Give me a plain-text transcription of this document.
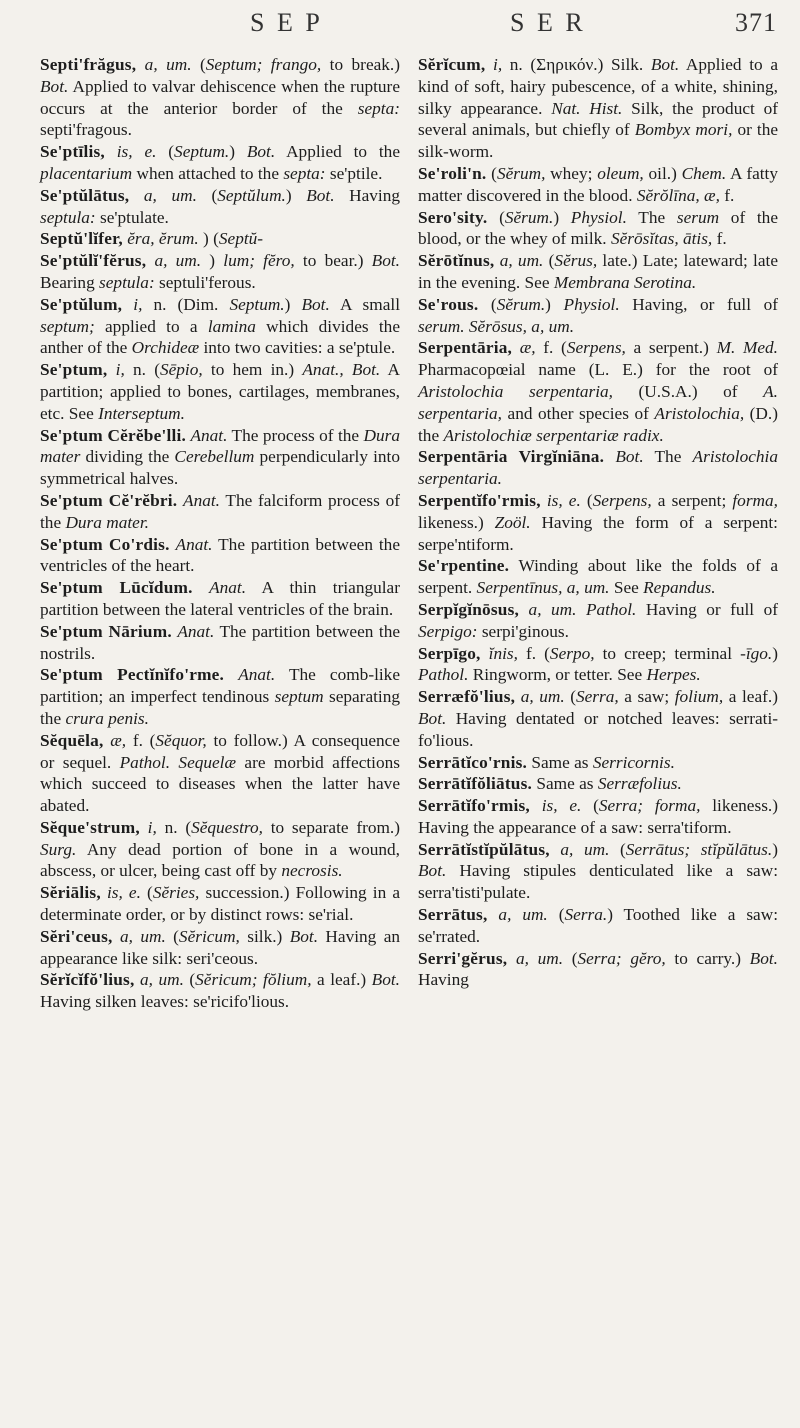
S E P	S E R	371

Septi'frăgus, a, um. (Septum; frango, to break.) Bot. Applied to valvar dehiscence when the rupture occurs at the anterior border of the septa: septi'fragous.

Se'ptīlis, is, e. (Septum.) Bot. Applied to the placentarium when attached to the septa: se'ptile.

Se'ptŭlātus, a, um. (Septŭlum.) Bot. Having septula: se'ptulate.

Septŭ'lĭfer, ĕra, ĕrum. ) (Septŭ-

Se'ptŭlĭ'fĕrus, a, um. ) lum; fĕro, to bear.) Bot. Bearing septula: septuli'ferous.

Se'ptŭlum, i, n. (Dim. Septum.) Bot. A small septum; applied to a lamina which divides the anther of the Orchideæ into two cavities: a se'ptule.

Se'ptum, i, n. (Sēpio, to hem in.) Anat., Bot. A partition; applied to bones, cartilages, membranes, etc. See Interseptum.

Se'ptum Cĕrĕbe'lli. Anat. The process of the Dura mater dividing the Cerebellum perpendicularly into symmetrical halves.

Se'ptum Cĕ'rĕbri. Anat. The falciform process of the Dura mater.

Se'ptum Co'rdis. Anat. The partition between the ventricles of the heart.

Se'ptum Lūcĭdum. Anat. A thin triangular partition between the lateral ventricles of the brain.

Se'ptum Nārium. Anat. The partition between the nostrils.

Se'ptum Pectĭnĭfo'rme. Anat. The comb-like partition; an imperfect tendinous septum separating the crura penis.

Sĕquēla, æ, f. (Sĕquor, to follow.) A consequence or sequel. Pathol. Sequelæ are morbid affections which succeed to diseases when the latter have abated.

Sĕque'strum, i, n. (Sĕquestro, to separate from.) Surg. Any dead portion of bone in a wound, abscess, or ulcer, being cast off by necrosis.

Sĕriālis, is, e. (Sĕries, succession.) Following in a determinate order, or by distinct rows: se'rial.

Sĕri'ceus, a, um. (Sĕricum, silk.) Bot. Having an appearance like silk: seri'ceous.

Sĕrĭcĭfŏ'lius, a, um. (Sĕricum; fŏlium, a leaf.) Bot. Having silken leaves: se'ricifo'lious.

Sĕrĭcum, i, n. (Σηρικόν.) Silk. Bot. Applied to a kind of soft, hairy pubescence, of a white, shining, silky appearance. Nat. Hist. Silk, the product of several animals, but chiefly of Bombyx mori, or the silk-worm.

Se'roli'n. (Sĕrum, whey; oleum, oil.) Chem. A fatty matter discovered in the blood. Sĕrŏlīna, æ, f.

Sero'sity. (Sĕrum.) Physiol. The serum of the blood, or the whey of milk. Sĕrōsĭtas, ātis, f.

Sĕrōtĭnus, a, um. (Sĕrus, late.) Late; lateward; late in the evening. See Membrana Serotina.

Se'rous. (Sĕrum.) Physiol. Having, or full of serum. Sĕrōsus, a, um.

Serpentāria, æ, f. (Serpens, a serpent.) M. Med. Pharmacopœial name (L. E.) for the root of Aristolochia serpentaria, (U.S.A.) of A. serpentaria, and other species of Aristolochia, (D.) the Aristolochiæ serpentariæ radix.

Serpentāria Virgĭniāna. Bot. The Aristolochia serpentaria.

Serpentĭfo'rmis, is, e. (Serpens, a serpent; forma, likeness.) Zoöl. Having the form of a serpent: serpe'ntiform.

Se'rpentine. Winding about like the folds of a serpent. Serpentīnus, a, um. See Repandus.

Serpĭgĭnōsus, a, um. Pathol. Having or full of Serpigo: serpi'ginous.

Serpīgo, ĭnis, f. (Serpo, to creep; terminal -īgo.) Pathol. Ringworm, or tetter. See Herpes.

Serræfŏ'lius, a, um. (Serra, a saw; folium, a leaf.) Bot. Having dentated or notched leaves: serrati-fo'lious.

Serrātĭco'rnis. Same as Serricornis.

Serrātĭfŏliātus. Same as Serræfolius.

Serrātĭfo'rmis, is, e. (Serra; forma, likeness.) Having the appearance of a saw: serra'tiform.

Serrātĭstĭpŭlātus, a, um. (Serrātus; stĭpŭlātus.) Bot. Having stipules denticulated like a saw: serra'tisti'pulate.

Serrātus, a, um. (Serra.) Toothed like a saw: se'rrated.

Serri'gĕrus, a, um. (Serra; gĕro, to carry.) Bot. Having
